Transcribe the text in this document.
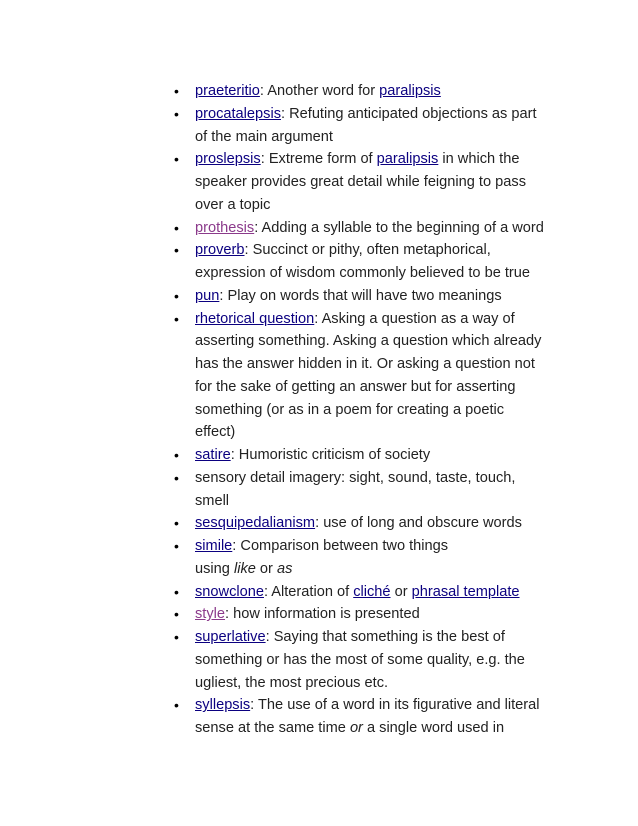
• praeteritio: Another word for paralipsis
• procatalepsis: Refuting anticipated objections as part
of the main argument
• proslepsis: Extreme form of paralipsis in which the
speaker provides great detail while feigning to pass
over a topic
• prothesis: Adding a syllable to the beginning of a word
• proverb: Succinct or pithy, often metaphorical,
expression of wisdom commonly believed to be true
• pun: Play on words that will have two meanings
• rhetorical question: Asking a question as a way of
asserting something. Asking a question which already
has the answer hidden in it. Or asking a question not
for the sake of getting an answer but for asserting
something (or as in a poem for creating a poetic
effect)
• satire: Humoristic criticism of society
• sensory detail imagery: sight, sound, taste, touch,
smell
• sesquipedalianism: use of long and obscure words
• simile: Comparison between two things
using like or as
• snowclone: Alteration of cliché or phrasal template
• style: how information is presented
• superlative: Saying that something is the best of
something or has the most of some quality, e.g. the
ugliest, the most precious etc.
• syllepsis: The use of a word in its figurative and literal
sense at the same time or a single word used in
